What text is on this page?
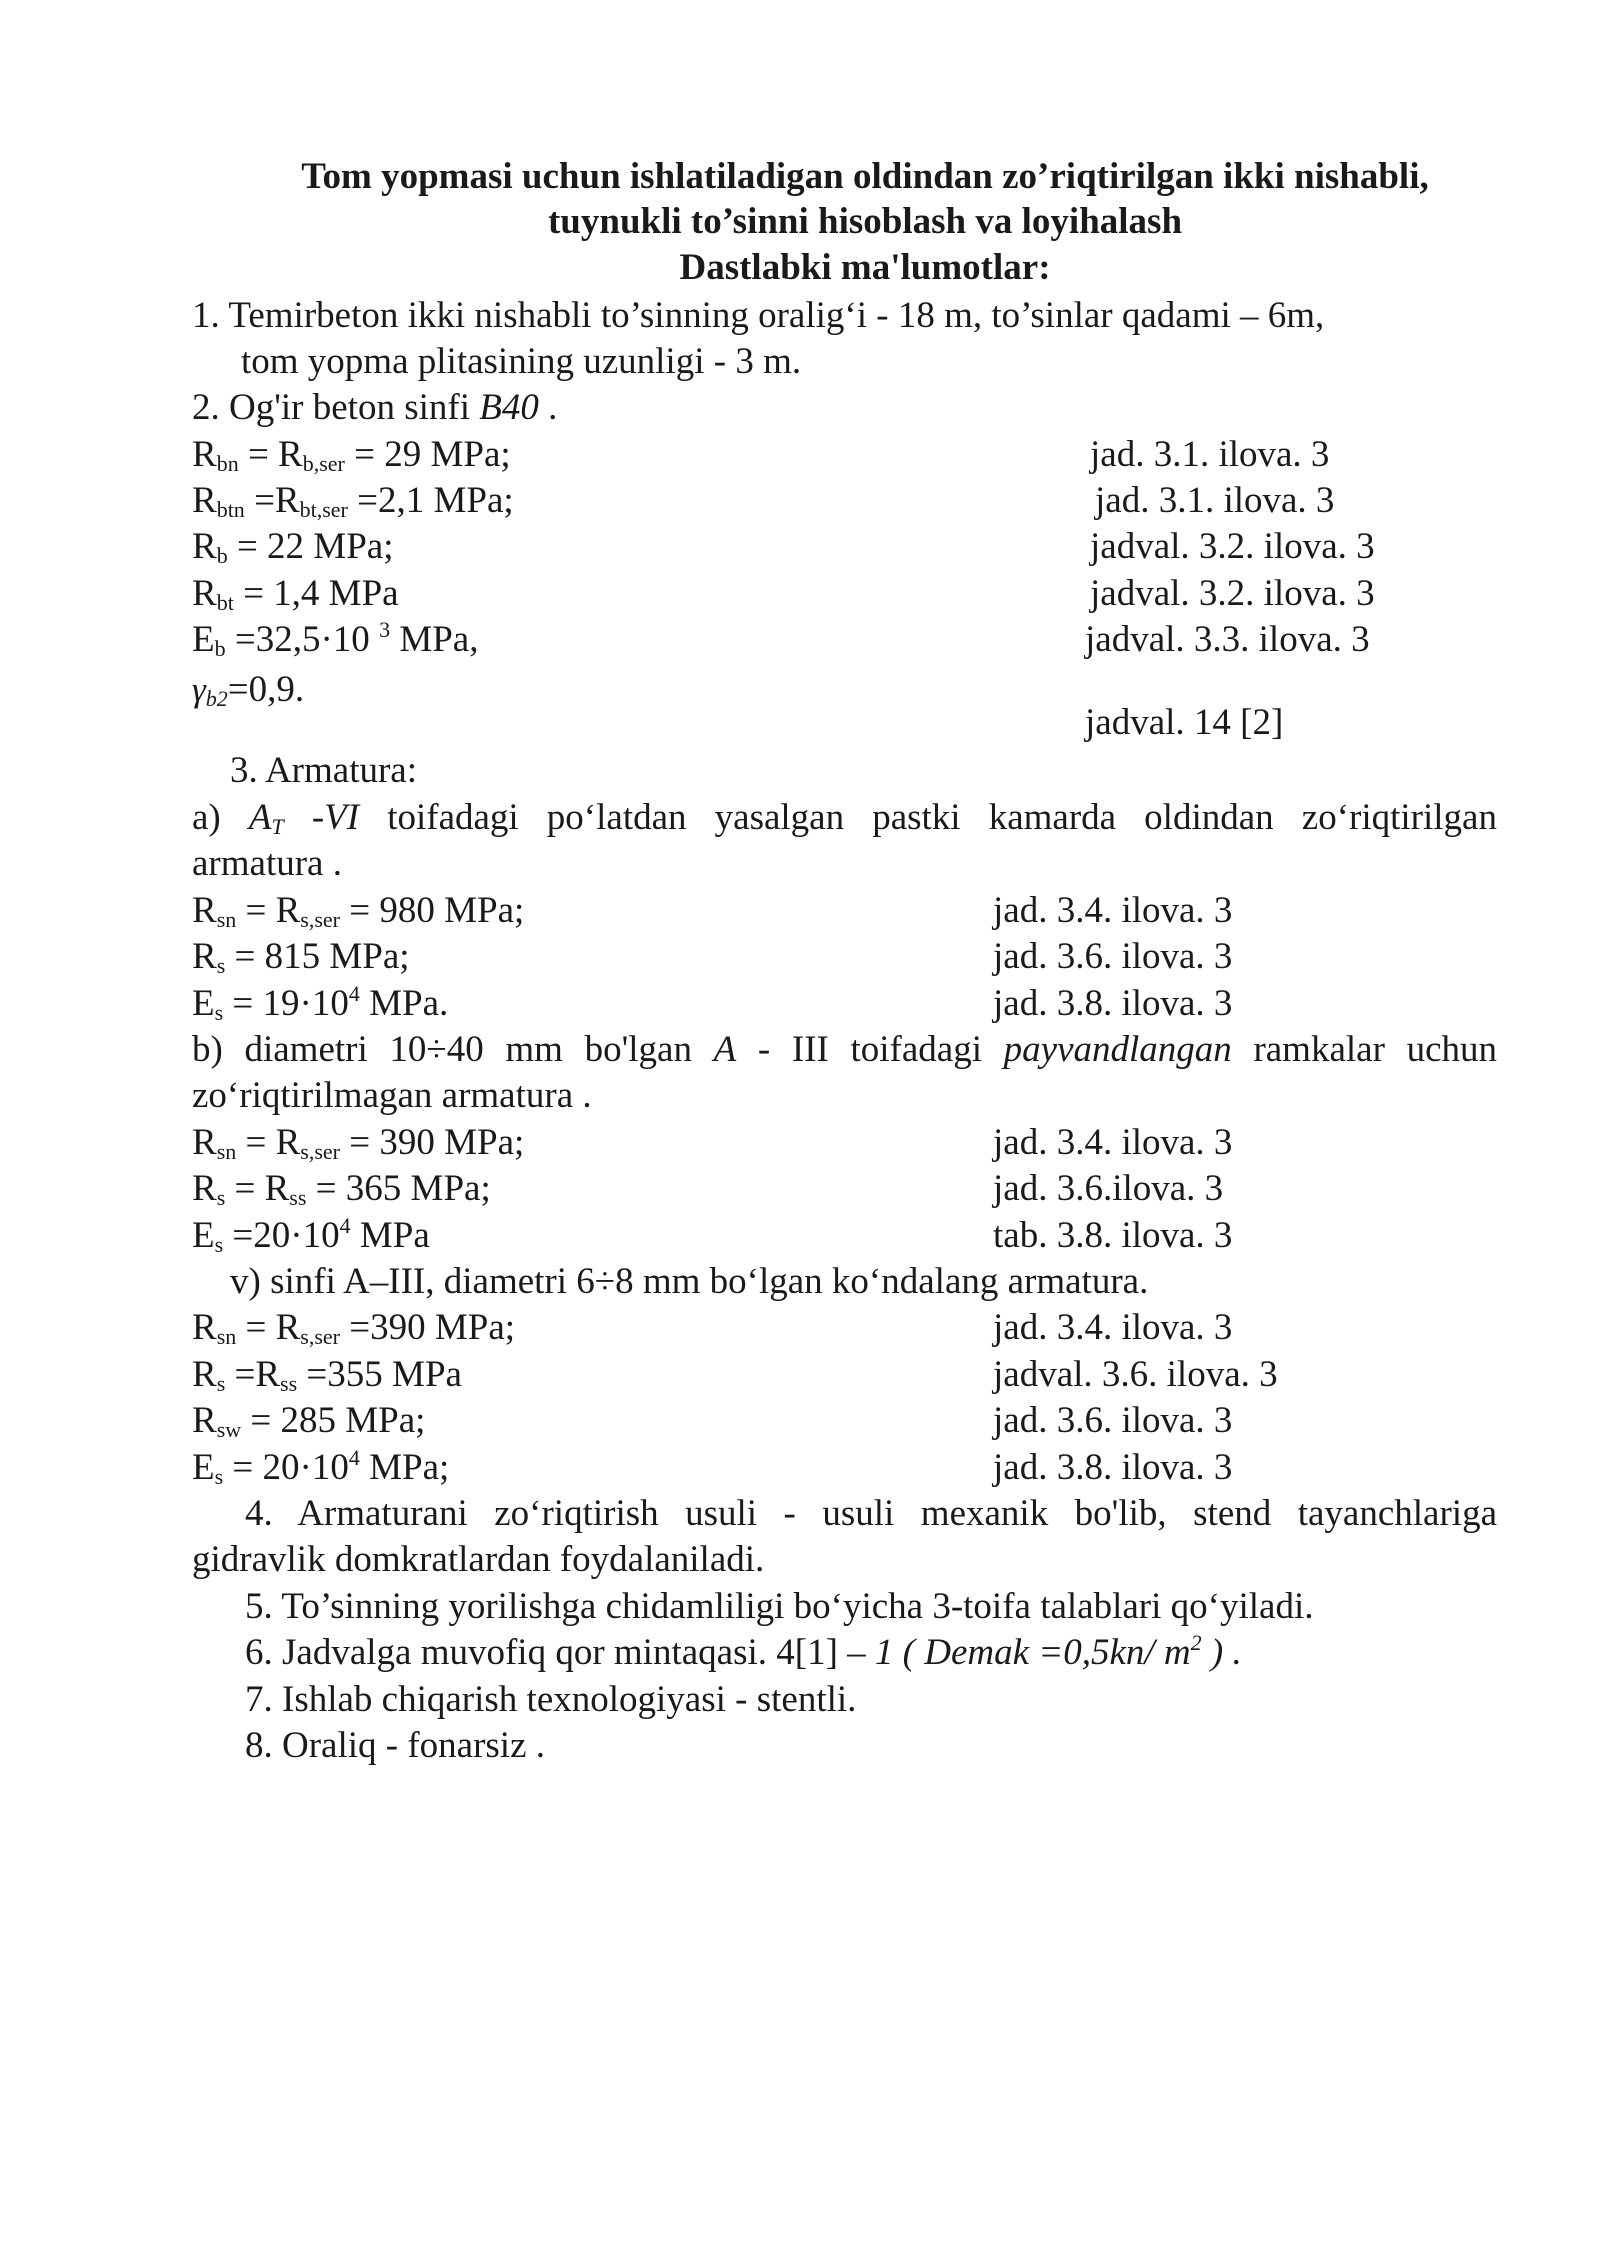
Tom yopmasi uchun ishlatiladigan oldindan zo’riqtirilgan ikki nishabli,
tuynukli to’sinni hisoblash va loyihalash
Dastlabki ma'lumotlar:
1. Temirbeton ikki nishabli to’sinning oralig‘i - 18 m, to’sinlar qadami – 6m,
tom yopma plitasining uzunligi - 3 m.
2. Og'ir beton sinfi B40 .
$R_{bn} = R_{b,ser} = 29$ MPa;	jad. 3.1. ilova. 3
$R_{btn} =R_{bt,ser} =2,1$ MPa;	jad. 3.1. ilova. 3
$R_b = 22$ MPa;	jadval. 3.2. ilova. 3
$R_{bt} = 1,4$ MPa	jadval. 3.2. ilova. 3
$E_b =32,5\cdot 10$ $^3$ MPa,	jadval. 3.3. ilova. 3
$\gamma_{b2}=0,9$.
jadval. 14 [2]
3. Armatura:
a) $A_T$ -VI toifadagi po‘latdan yasalgan pastki kamarda oldindan zo‘riqtirilgan
armatura .
$R_{sn} = R_{s,ser} = 980$ MPa;	jad. 3.4. ilova. 3
$R_s = 815$ MPa;	jad. 3.6. ilova. 3
$E_s = 19\cdot 10^4$ MPa.	jad. 3.8. ilova. 3
b) diametri 10÷40 mm bo'lgan A - III toifadagi payvandlangan ramkalar uchun
zo‘riqtirilmagan armatura .
$R_{sn} = R_{s,ser} = 390$ MPa;	jad. 3.4. ilova. 3
$R_s = R_{ss} = 365$ MPa;	jad. 3.6.ilova. 3
$E_s =20\cdot 10^4$ MPa	tab. 3.8. ilova. 3
v) sinfi A–III, diametri 6÷8 mm bo‘lgan ko‘ndalang armatura.
$R_{sn} = R_{s,ser} =390$ MPa;	jad. 3.4. ilova. 3
$R_s =R_{ss} =355$ MPa	jadval. 3.6. ilova. 3
$R_{sw} = 285$ MPa;	jad. 3.6. ilova. 3
$E_s = 20\cdot 10^4$ MPa;	jad. 3.8. ilova. 3
4. Armaturani zo‘riqtirish usuli - usuli mexanik bo'lib, stend tayanchlariga
gidravlik domkratlardan foydalaniladi.
5. To’sinning yorilishga chidamliligi bo‘yicha 3-toifa talablari qo‘yiladi.
6. Jadvalga muvofiq qor mintaqasi. 4[1] – 1 ( Demak =0,5kn/ $m^2$ ) .
7. Ishlab chiqarish texnologiyasi - stentli.
8. Oraliq - fonarsiz .
